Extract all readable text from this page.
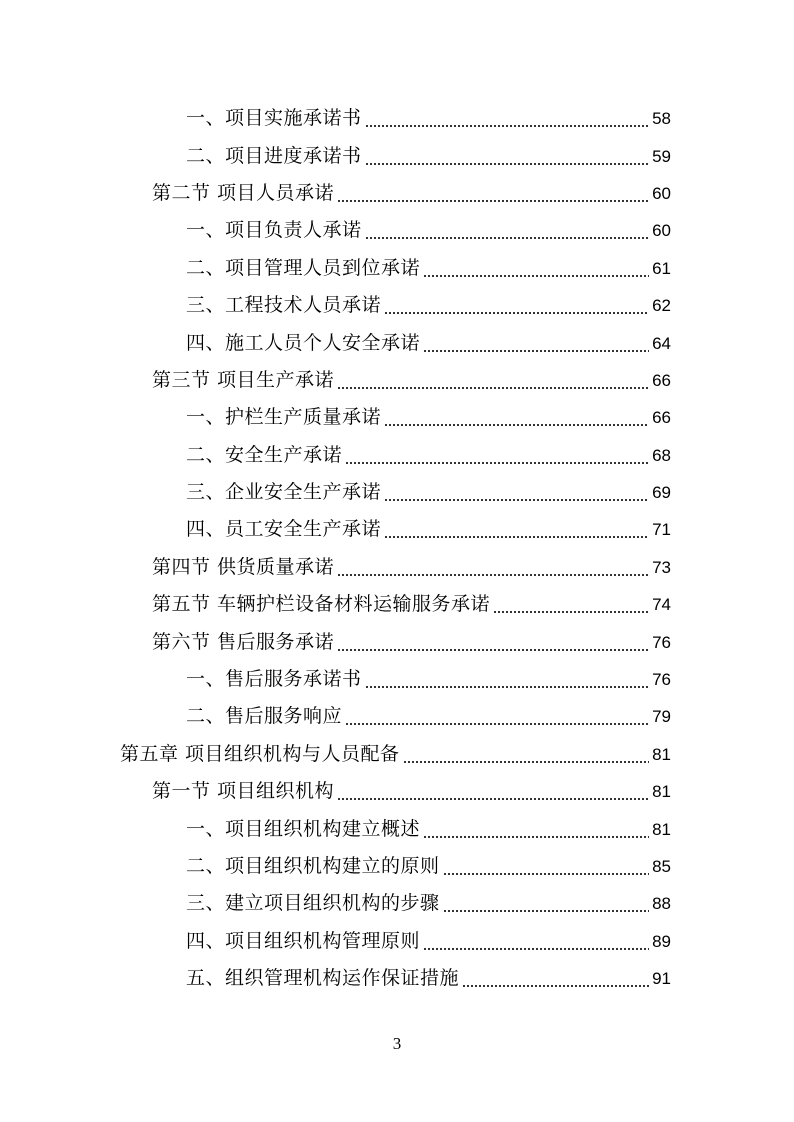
一、项目实施承诺书	58
二、项目进度承诺书	59
第二节 项目人员承诺	60
一、项目负责人承诺	60
二、项目管理人员到位承诺	61
三、工程技术人员承诺	62
四、施工人员个人安全承诺	64
第三节 项目生产承诺	66
一、护栏生产质量承诺	66
二、安全生产承诺	68
三、企业安全生产承诺	69
四、员工安全生产承诺	71
第四节 供货质量承诺	73
第五节 车辆护栏设备材料运输服务承诺	74
第六节 售后服务承诺	76
一、售后服务承诺书	76
二、售后服务响应	79
第五章 项目组织机构与人员配备	81
第一节 项目组织机构	81
一、项目组织机构建立概述	81
二、项目组织机构建立的原则	85
三、建立项目组织机构的步骤	88
四、项目组织机构管理原则	89
五、组织管理机构运作保证措施	91
3
